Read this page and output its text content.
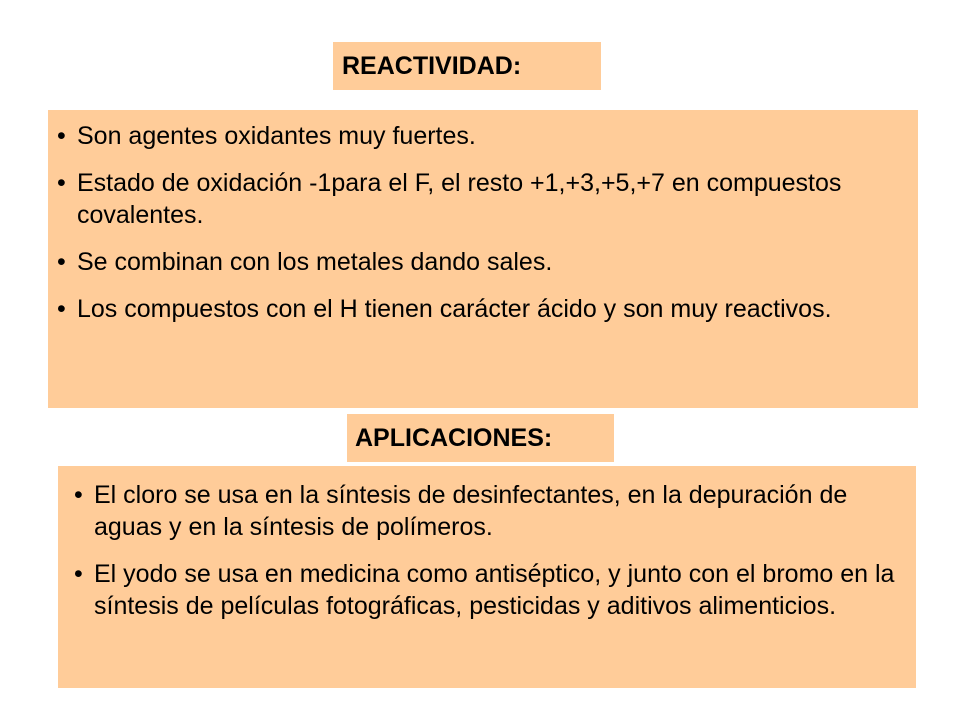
REACTIVIDAD:
• Son agentes oxidantes muy fuertes.
• Estado de oxidación -1para el F, el resto +1,+3,+5,+7 en compuestos covalentes.
• Se combinan con los metales dando sales.
• Los compuestos con el H tienen carácter ácido y son muy reactivos.
APLICACIONES:
• El cloro se usa en la síntesis de desinfectantes, en la depuración de aguas y en la síntesis de polímeros.
• El yodo se usa en medicina como antiséptico, y junto con el bromo en la síntesis de películas fotográficas, pesticidas y aditivos alimenticios.
